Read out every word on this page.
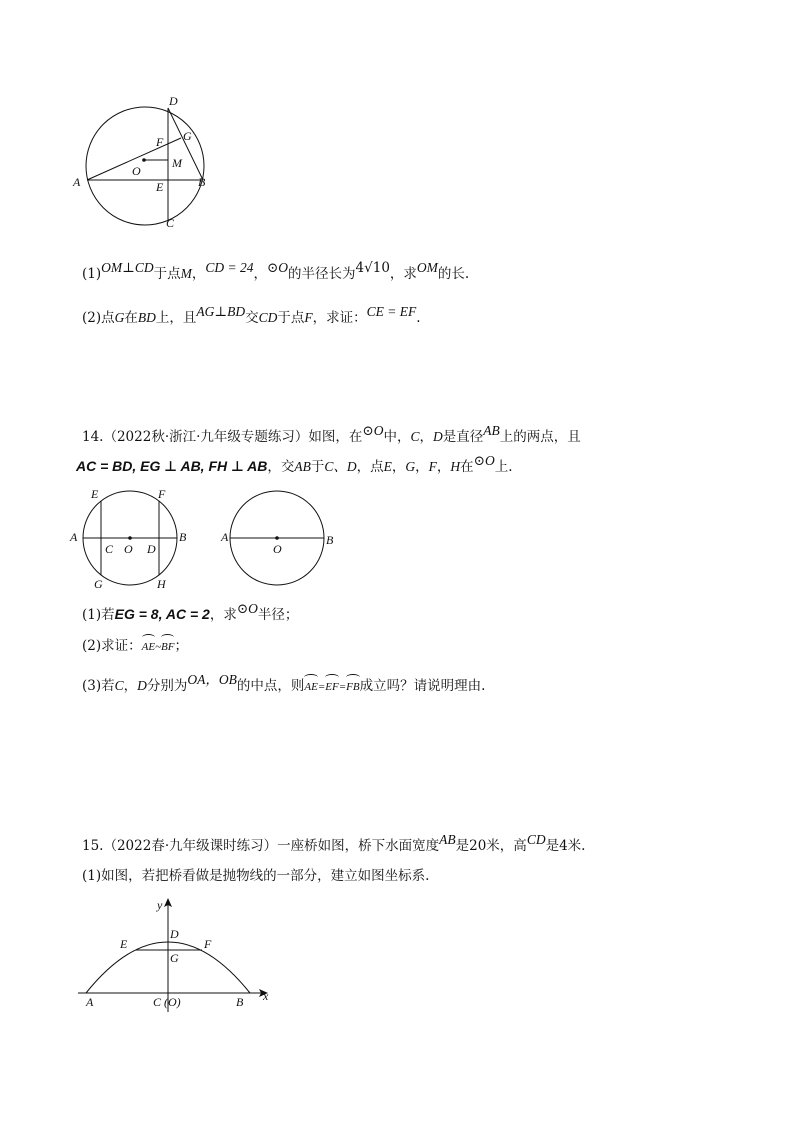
D
F G
O
M
A	E	B
C
(1)OM⊥CD于点M，CD = 24，⊙O的半径长为4√10，求OM的长.
(2)点G在BD上，且AG⊥BD交CD于点F，求证：CE = EF.
14.（2022秋·浙江·九年级专题练习）如图，在⊙O中，C，D是直径AB上的两点，且
AC = BD, EG ⊥ AB, FH ⊥ AB，交AB于C、D，点E，G，F，H在⊙O上.
E	F
A
C O D
B
G	H
A
O
B
(1)若EG = 8, AC = 2，求⊙O半径；
(2)求证：AE~BF；
(3)若C，D分别为OA，OB的中点，则AE=EF=FB成立吗？请说明理由.
15.（2022春·九年级课时练习）一座桥如图，桥下水面宽度AB是20米，高CD是4米.
(1)如图，若把桥看做是抛物线的一部分，建立如图坐标系.
y
D
E	F
G
A	C (O)	B x
